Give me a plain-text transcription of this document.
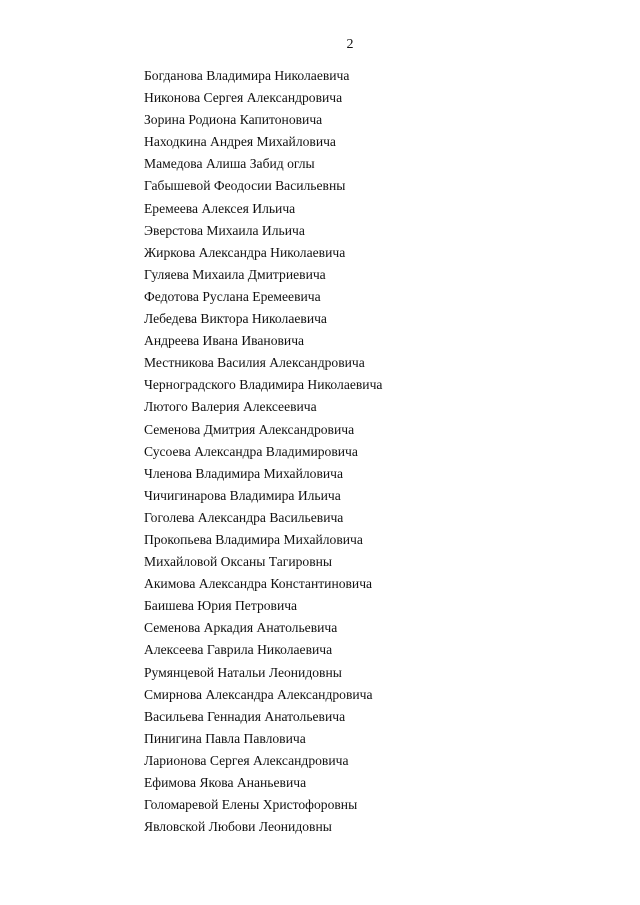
2
Богданова Владимира Николаевича
Никонова Сергея Александровича
Зорина Родиона Капитоновича
Находкина Андрея Михайловича
Мамедова Алиша Забид оглы
Габышевой Феодосии Васильевны
Еремеева Алексея Ильича
Эверстова Михаила Ильича
Жиркова Александра Николаевича
Гуляева Михаила Дмитриевича
Федотова Руслана Еремеевича
Лебедева Виктора Николаевича
Андреева Ивана Ивановича
Местникова Василия Александровича
Черноградского Владимира Николаевича
Лютого Валерия Алексеевича
Семенова Дмитрия Александровича
Сусоева Александра Владимировича
Членова Владимира Михайловича
Чичигинарова Владимира Ильича
Гоголева Александра Васильевича
Прокопьева Владимира Михайловича
Михайловой Оксаны Тагировны
Акимова Александра Константиновича
Баишева Юрия Петровича
Семенова Аркадия Анатольевича
Алексеева Гаврила Николаевича
Румянцевой Натальи Леонидовны
Смирнова Александра Александровича
Васильева Геннадия Анатольевича
Пинигина Павла Павловича
Ларионова Сергея Александровича
Ефимова Якова Ананьевича
Голомаревой Елены Христофоровны
Явловской Любови Леонидовны
